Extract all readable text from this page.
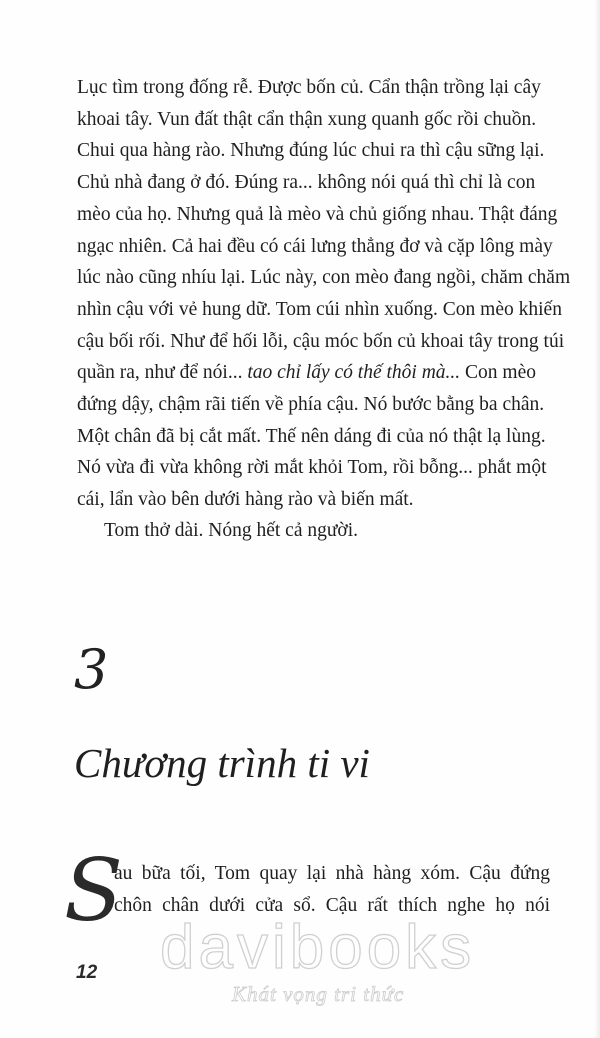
Lục tìm trong đống rễ. Được bốn củ. Cẩn thận trồng lại cây
khoai tây. Vun đất thật cẩn thận xung quanh gốc rồi chuồn.
Chui qua hàng rào. Nhưng đúng lúc chui ra thì cậu sững lại.
Chủ nhà đang ở đó. Đúng ra... không nói quá thì chỉ là con
mèo của họ. Nhưng quả là mèo và chủ giống nhau. Thật đáng
ngạc nhiên. Cả hai đều có cái lưng thẳng đơ và cặp lông mày
lúc nào cũng nhíu lại. Lúc này, con mèo đang ngồi, chăm chăm
nhìn cậu với vẻ hung dữ. Tom cúi nhìn xuống. Con mèo khiến
cậu bối rối. Như để hối lỗi, cậu móc bốn củ khoai tây trong túi
quần ra, như để nói... tao chỉ lấy có thế thôi mà... Con mèo
đứng dậy, chậm rãi tiến về phía cậu. Nó bước bằng ba chân.
Một chân đã bị cắt mất. Thế nên dáng đi của nó thật lạ lùng.
Nó vừa đi vừa không rời mắt khỏi Tom, rồi bỗng... phắt một
cái, lẩn vào bên dưới hàng rào và biến mất.

Tom thở dài. Nóng hết cả người.

3
Chương trình ti vi
S

au bữa tối, Tom quay lại nhà hàng xóm. Cậu đứng
chôn chân dưới cửa sổ. Cậu rất thích nghe họ nói

davibooks
Khát vọng tri thức
12
